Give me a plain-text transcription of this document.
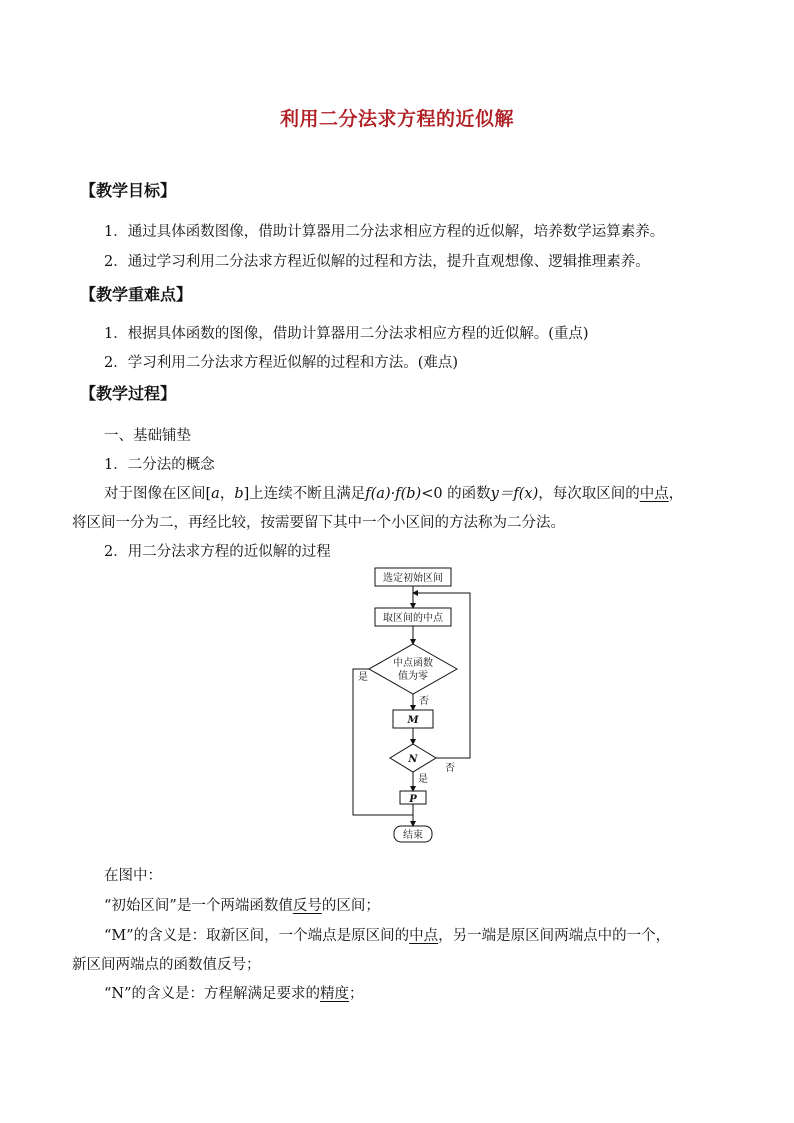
利用二分法求方程的近似解
【教学目标】
1．通过具体函数图像，借助计算器用二分法求相应方程的近似解，培养数学运算素养。
2．通过学习利用二分法求方程近似解的过程和方法，提升直观想像、逻辑推理素养。
【教学重难点】
1．根据具体函数的图像，借助计算器用二分法求相应方程的近似解。(重点)
2．学习利用二分法求方程近似解的过程和方法。(难点)
【教学过程】
一、基础铺垫
1．二分法的概念
对于图像在区间[a，b]上连续不断且满足f(a)·f(b)<0 的函数y＝f(x)，每次取区间的中点，
将区间一分为二，再经比较，按需要留下其中一个小区间的方法称为二分法。
2．用二分法求方程的近似解的过程
选定初始区间
取区间的中点
中点函数
值为零
是
否
M
N
否
是
P
结束
在图中：
“初始区间”是一个两端函数值反号的区间；
“M”的含义是：取新区间，一个端点是原区间的中点，另一端是原区间两端点中的一个，
新区间两端点的函数值反号；
“N”的含义是：方程解满足要求的精度；
